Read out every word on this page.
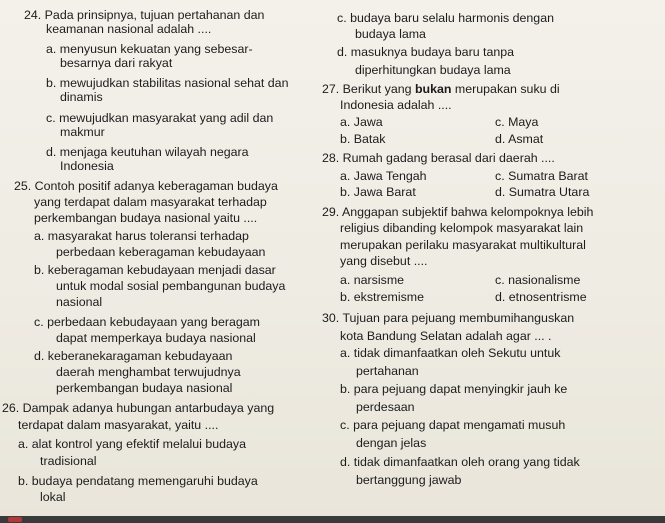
24. Pada prinsipnya, tujuan pertahanan dan
keamanan nasional adalah ....
a. menyusun kekuatan yang sebesar-
besarnya dari rakyat
b. mewujudkan stabilitas nasional sehat dan
dinamis
c. mewujudkan masyarakat yang adil dan
makmur
d. menjaga keutuhan wilayah negara
Indonesia
25. Contoh positif adanya keberagaman budaya
yang terdapat dalam masyarakat terhadap
perkembangan budaya nasional yaitu ....
a. masyarakat harus toleransi terhadap
perbedaan keberagaman kebudayaan
b. keberagaman kebudayaan menjadi dasar
untuk modal sosial pembangunan budaya
nasional
c. perbedaan kebudayaan yang beragam
dapat memperkaya budaya nasional
d. keberanekaragaman kebudayaan
daerah menghambat terwujudnya
perkembangan budaya nasional
26. Dampak adanya hubungan antarbudaya yang
terdapat dalam masyarakat, yaitu ....
a. alat kontrol yang efektif melalui budaya
tradisional
b. budaya pendatang memengaruhi budaya
lokal
c. budaya baru selalu harmonis dengan
budaya lama
d. masuknya budaya baru tanpa
diperhitungkan budaya lama
27. Berikut yang bukan merupakan suku di
Indonesia adalah ....
a. Jawa	c. Maya
b. Batak	d. Asmat
28. Rumah gadang berasal dari daerah ....
a. Jawa Tengah	c. Sumatra Barat
b. Jawa Barat	d. Sumatra Utara
29. Anggapan subjektif bahwa kelompoknya lebih
religius dibanding kelompok masyarakat lain
merupakan perilaku masyarakat multikultural
yang disebut ....
a. narsisme	c. nasionalisme
b. ekstremisme	d. etnosentrisme
30. Tujuan para pejuang membumihanguskan
kota Bandung Selatan adalah agar ... .
a. tidak dimanfaatkan oleh Sekutu untuk
pertahanan
b. para pejuang dapat menyingkir jauh ke
perdesaan
c. para pejuang dapat mengamati musuh
dengan jelas
d. tidak dimanfaatkan oleh orang yang tidak
bertanggung jawab
